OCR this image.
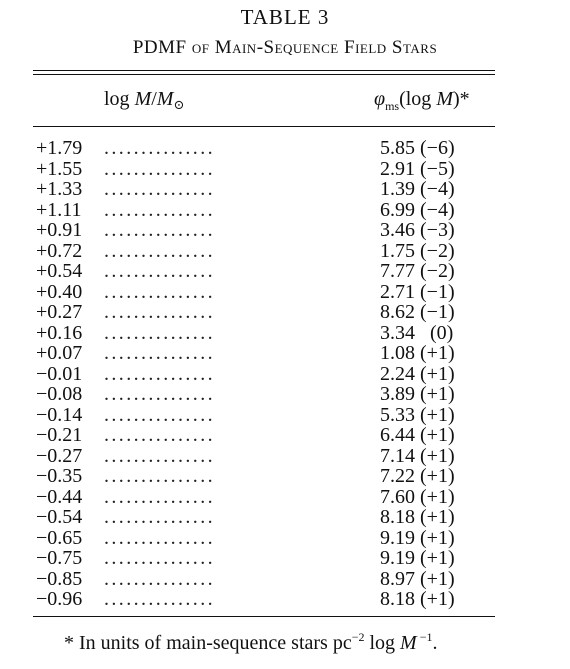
TABLE 3
PDMF of Main-Sequence Field Stars
$\log M/M_⊙$	$\varphi_{ms}(\log$ M)*
+1.79 ...............	5.85 (−6)
+1.55 ...............	2.91 (−5)
+1.33 ...............	1.39 (−4)
+1.11 ...............	6.99 (−4)
+0.91 ...............	3.46 (−3)
+0.72 ...............	1.75 (−2)
+0.54 ...............	7.77 (−2)
+0.40 ...............	2.71 (−1)
+0.27 ...............	8.62 (−1)
+0.16 ...............	3.34   (0)
+0.07 ...............	1.08 (+1)
−0.01 ...............	2.24 (+1)
−0.08 ...............	3.89 (+1)
−0.14 ...............	5.33 (+1)
−0.21 ...............	6.44 (+1)
−0.27 ...............	7.14 (+1)
−0.35 ...............	7.22 (+1)
−0.44 ...............	7.60 (+1)
−0.54 ...............	8.18 (+1)
−0.65 ...............	9.19 (+1)
−0.75 ...............	9.19 (+1)
−0.85 ...............	8.97 (+1)
−0.96 ...............	8.18 (+1)
* In units of main-sequence stars $pc^{-2}$ log M $^{-1}$.
